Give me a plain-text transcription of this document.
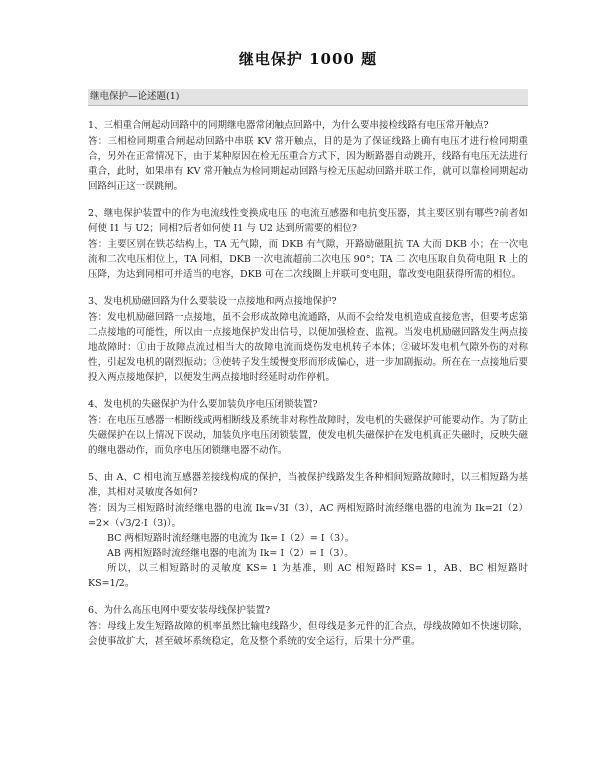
继电保护 1000 题
继电保护—论述题(1)

1、三相重合闸起动回路中的同期继电器常闭触点回路中，为什么要串接检线路有电压常开触点?

答：三相检同期重合闸起动回路中串联 KV 常开触点，目的是为了保证线路上确有电压才进行检同期重合，另外在正常情况下，由于某种原因在检无压重合方式下，因为断路器自动跳开，线路有电压无法进行重合，此时，如果串有 KV 常开触点为检同期起动回路与检无压起动回路并联工作，就可以靠检同期起动回路纠正这一误跳闸。

2、继电保护装置中的作为电流线性变换成电压 的电流互感器和电抗变压器，其主要区别有哪些?前者如何使 I1 与 U2；同相?后者如何使 I1 与 U2 达到所需要的相位?

答：主要区别在铁芯结构上，TA 无气隙，而 DKB 有气隙，开路励磁阻抗 TA 大而 DKB 小；在一次电流和二次电压相位上，TA 同相，DKB 一次电流超前二次电压 90°；TA 二 次电压取自负荷电阻 R 上的压降，为达到同相可并适当的电容，DKB 可在二次线圈上并联可变电阻，靠改变电阻获得所需的相位。

3、发电机励磁回路为什么要装设一点接地和两点接地保护?

答：发电机励磁回路一点接地，虽不会形成故障电流通路，从而不会给发电机造成直接危害，但要考虑第二点接地的可能性，所以由一点接地保护发出信号，以便加强检查、监视。当发电机励磁回路发生两点接地故障时：①由于故障点流过相当大的故障电流而烧伤发电机转子本体；②破坏发电机气隙外伤的对称性，引起发电机的剧烈振动；③使转子发生缓慢变形而形成偏心，进一步加剧振动。所在在一点接地后要投入两点接地保护，以便发生两点接地时经延时动作停机。

4、发电机的失磁保护为什么要加装负序电压闭锁装置?

答：在电压互感器一相断线或两相断线及系统非对称性故障时，发电机的失磁保护可能要动作。为了防止失磁保护在以上情况下误动，加装负序电压闭锁装置，使发电机失磁保护在发电机真正失磁时，反映失磁的继电器动作，而负序电压闭锁继电器不动作。

5、由 A、C 相电流互感器差接线构成的保护，当被保护线路发生各种相间短路故障时，以三相短路为基准，其相对灵敏度各如何?

答：因为三相短路时流经继电器的电流 Ik=√3I（3），AC 两相短路时流经继电器的电流为 Ik=2I（2）=2×（√3/2·I（3)）。

BC 两相短路时流经继电器的电流为 Ik= I（2）= I（3）。

AB 两相短路时流经继电器的电流为 Ik= I（2）= I（3）。

所以，以三相短路时的灵敏度 KS= 1 为基准，则 AC 相短路时 KS= 1，AB、BC 相短路时 KS=1/2。

6、为什么高压电网中要安装母线保护装置?

答：母线上发生短路故障的机率虽然比输电线路少，但母线是多元件的汇合点，母线故障如不快速切除，会使事故扩大，甚至破坏系统稳定，危及整个系统的安全运行，后果十分严重。
